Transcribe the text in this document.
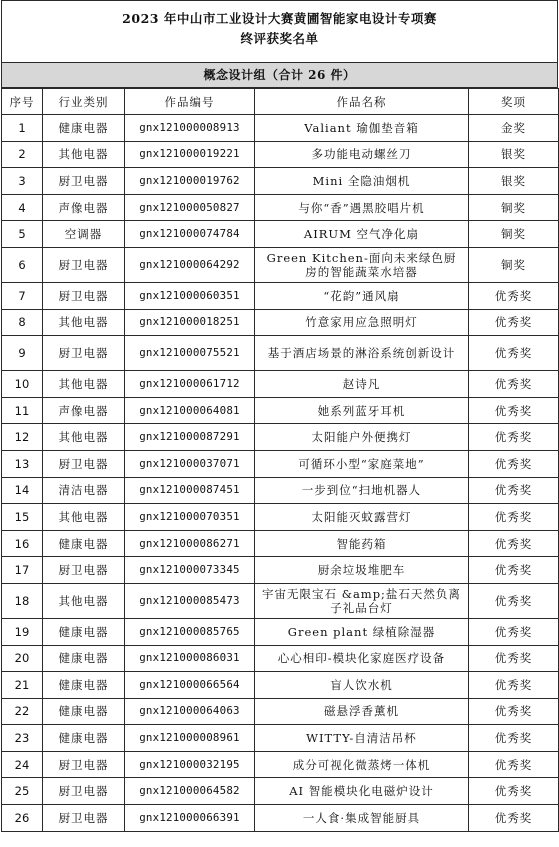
2023 年中山市工业设计大赛黄圃智能家电设计专项赛
终评获奖名单
概念设计组（合计 26 件）
序号	行业类别	作品编号	作品名称	奖项
1	健康电器	gnx121000008913	Valiant 瑜伽垫音箱	金奖
2	其他电器	gnx121000019221	多功能电动螺丝刀	银奖
3	厨卫电器	gnx121000019762	Mini 全隐油烟机	银奖
4	声像电器	gnx121000050827	与你“香”遇黑胶唱片机	铜奖
5	空调器	gnx121000074784	AIRUM 空气净化扇	铜奖
6	厨卫电器	gnx121000064292	Green Kitchen-面向未来绿色厨房的智能蔬菜水培器	铜奖
7	厨卫电器	gnx121000060351	“花韵”通风扇	优秀奖
8	其他电器	gnx121000018251	竹意家用应急照明灯	优秀奖
9	厨卫电器	gnx121000075521	基于酒店场景的淋浴系统创新设计	优秀奖
10	其他电器	gnx121000061712	赵诗凡	优秀奖
11	声像电器	gnx121000064081	她系列蓝牙耳机	优秀奖
12	其他电器	gnx121000087291	太阳能户外便携灯	优秀奖
13	厨卫电器	gnx121000037071	可循环小型“家庭菜地”	优秀奖
14	清洁电器	gnx121000087451	一步到位“扫地机器人	优秀奖
15	其他电器	gnx121000070351	太阳能灭蚊露营灯	优秀奖
16	健康电器	gnx121000086271	智能药箱	优秀奖
17	厨卫电器	gnx121000073345	厨余垃圾堆肥车	优秀奖
18	其他电器	gnx121000085473	宇宙无限宝石 &amp;盐石天然负离子礼品台灯	优秀奖
19	健康电器	gnx121000085765	Green plant 绿植除湿器	优秀奖
20	健康电器	gnx121000086031	心心相印-模块化家庭医疗设备	优秀奖
21	健康电器	gnx121000066564	盲人饮水机	优秀奖
22	健康电器	gnx121000064063	磁悬浮香薰机	优秀奖
23	健康电器	gnx121000008961	WITTY-自清洁吊杯	优秀奖
24	厨卫电器	gnx121000032195	成分可视化微蒸烤一体机	优秀奖
25	厨卫电器	gnx121000064582	AI 智能模块化电磁炉设计	优秀奖
26	厨卫电器	gnx121000066391	一人食·集成智能厨具	优秀奖
